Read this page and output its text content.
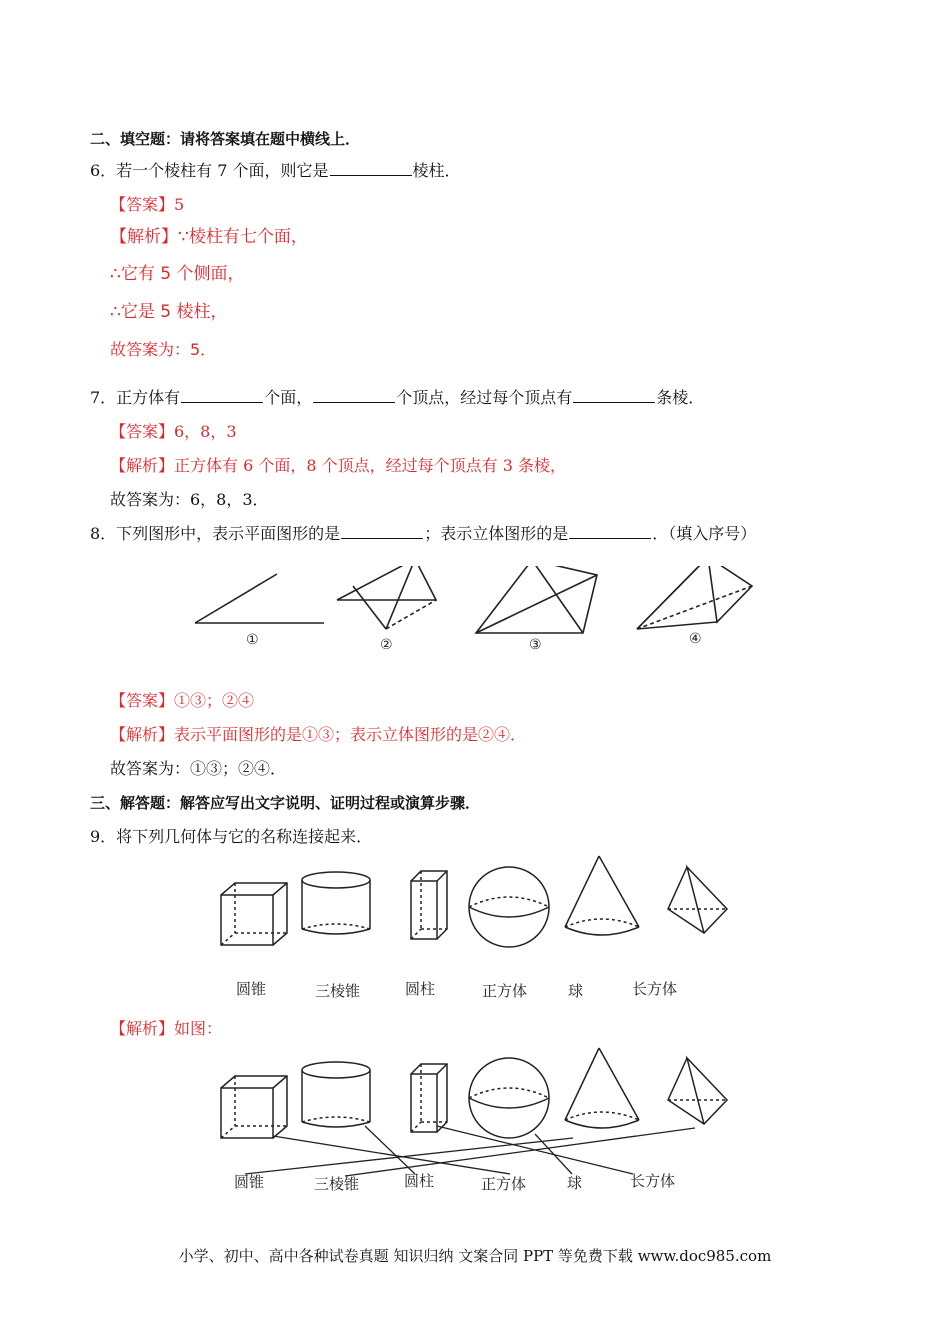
二、填空题：请将答案填在题中横线上．
6．若一个棱柱有 7 个面，则它是	棱柱．
【答案】5
【解析】∵棱柱有七个面，
∴它有 5 个侧面，
∴它是 5 棱柱，
故答案为：5．
7．正方体有	个面，	个顶点，经过每个顶点有	条棱．
【答案】6，8，3
【解析】正方体有 6 个面，8 个顶点，经过每个顶点有 3 条棱，
故答案为：6，8，3．
8．下列图形中，表示平面图形的是	；表示立体图形的是	．（填入序号）
①	②	③	④
【答案】①③；②④
【解析】表示平面图形的是①③；表示立体图形的是②④．
故答案为：①③；②④．
三、解答题：解答应写出文字说明、证明过程或演算步骤．
9．将下列几何体与它的名称连接起来．
圆锥	三棱锥	圆柱	正方体	球	长方体
【解析】如图：
圆锥	三棱锥	圆柱	正方体	球	长方体
小学、初中、高中各种试卷真题 知识归纳 文案合同 PPT 等免费下载 www.doc985.com
